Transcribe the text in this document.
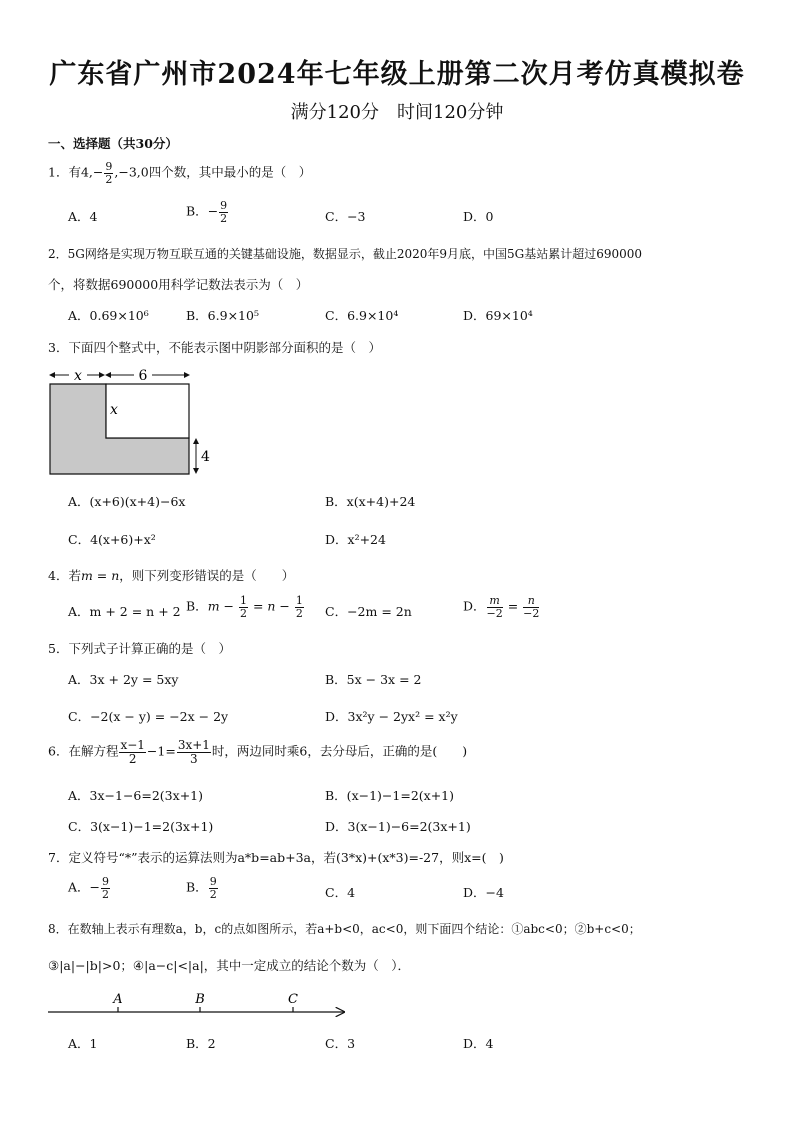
广东省广州市2024年七年级上册第二次月考仿真模拟卷
满分120分　时间120分钟
一、选择题（共30分）
1．有$4,- \frac{9}{2} ,-3,0$四个数，其中最小的是（　）
A．4	B．− $\frac{9}{2}$	C．−3	D．0
2．5G网络是实现万物互联互通的关键基础设施，数据显示，截止2020年9月底，中国5G基站累计超过690000
个，将数据690000用科学记数法表示为（　）
A．0.69×10⁶	B．6.9×10⁵	C．6.9×10⁴	D．69×10⁴
3．下面四个整式中，不能表示图中阴影部分面积的是（　）
x	6
x
4
A．(x+6)(x+4)−6x	B．x(x+4)+24
C．4(x+6)+x²	D．x²+24
4．若m = n，则下列变形错误的是（　　）
A．m + 2 = n + 2 B．$m - \frac{1}{2} = n - \frac{1}{2}$ C．−2m = 2n	D． $\frac{m}{-2} = \frac{n}{-2}$
5．下列式子计算正确的是（　）
A．3x + 2y = 5xy	B．5x − 3x = 2
C．−2(x − y) = −2x − 2y	D．3x²y − 2yx² = x²y
6．在解方程 $\frac{x-1}{2} -1= \frac{3x+1}{3}$ 时，两边同时乘6，去分母后，正确的是(　　)
A．3x−1−6=2(3x+1)	B．(x−1)−1=2(x+1)
C．3(x−1)−1=2(3x+1)	D．3(x−1)−6=2(3x+1)
7．定义符号“*”表示的运算法则为a*b=ab+3a，若(3*x)+(x*3)=-27，则x=(　)
A．− $\frac{9}{2}$	B． $\frac{9}{2}$	C．4	D．−4
8．在数轴上表示有理数a，b，c的点如图所示，若a+b<0，ac<0，则下面四个结论：①abc<0；②b+c<0；
③|a|−|b|>0；④|a−c|<|a|，其中一定成立的结论个数为（　）．
A	B	C
A．1	B．2	C．3	D．4
